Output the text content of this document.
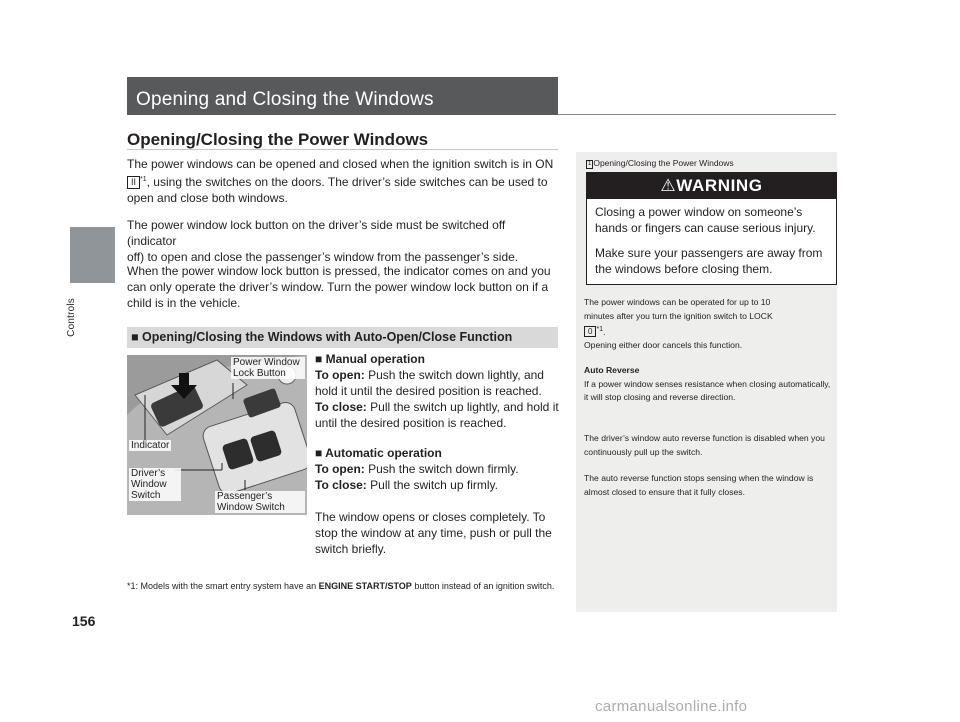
Controls
156
Opening and Closing the Windows
Opening/Closing the Power Windows
The power windows can be opened and closed when the ignition switch is in ON
II $^{*1}$, using the switches on the doors. The driver’s side switches can be used to
open and close both windows.
The power window lock button on the driver’s side must be switched off (indicator
off) to open and close the passenger’s window from the passenger’s side.
When the power window lock button is pressed, the indicator comes on and you
can only operate the driver’s window. Turn the power window lock button on if a
child is in the vehicle.
■ Opening/Closing the Windows with Auto-Open/Close Function
Power Window Lock Button
Indicator
Driver’s Window Switch	Passenger’s Window Switch
■ Manual operation
To open: Push the switch down lightly, and hold it until the desired position is reached.
To close: Pull the switch up lightly, and hold it until the desired position is reached.
■ Automatic operation
To open: Push the switch down firmly.
To close: Pull the switch up firmly.
The window opens or closes completely. To stop the window at any time, push or pull the switch briefly.
*1: Models with the smart entry system have an ENGINE START/STOP button instead of an ignition switch.
1 Opening/Closing the Power Windows
⚠WARNING
Closing a power window on someone’s hands or fingers can cause serious injury.
Make sure your passengers are away from the windows before closing them.
The power windows can be operated for up to 10
minutes after you turn the ignition switch to LOCK
0 $^{*1}$.
Opening either door cancels this function.
Auto Reverse
If a power window senses resistance when closing automatically, it will stop closing and reverse direction.
The driver’s window auto reverse function is disabled when you continuously pull up the switch.
The auto reverse function stops sensing when the window is almost closed to ensure that it fully closes.
carmanualsonline.info
